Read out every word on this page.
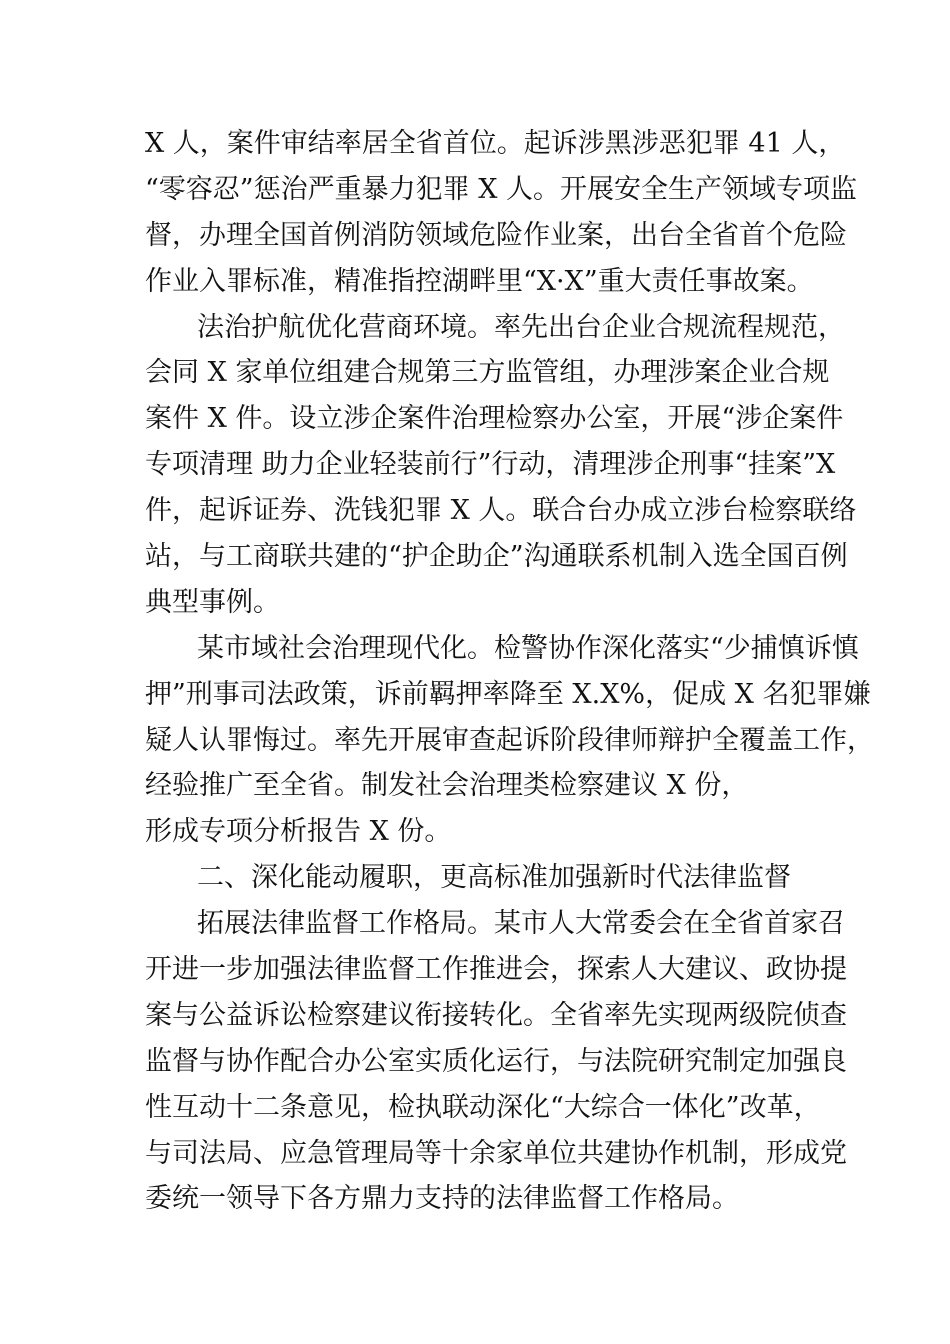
X 人，案件审结率居全省首位。起诉涉黑涉恶犯罪 41 人，
“零容忍”惩治严重暴力犯罪 X 人。开展安全生产领域专项监
督，办理全国首例消防领域危险作业案，出台全省首个危险
作业入罪标准，精准指控湖畔里“X·X”重大责任事故案。
法治护航优化营商环境。率先出台企业合规流程规范，
会同 X 家单位组建合规第三方监管组，办理涉案企业合规
案件 X 件。设立涉企案件治理检察办公室，开展“涉企案件
专项清理 助力企业轻装前行”行动，清理涉企刑事“挂案”X
件，起诉证券、洗钱犯罪 X 人。联合台办成立涉台检察联络
站，与工商联共建的“护企助企”沟通联系机制入选全国百例
典型事例。
某市域社会治理现代化。检警协作深化落实“少捕慎诉慎
押”刑事司法政策，诉前羁押率降至 X.X%，促成 X 名犯罪嫌
疑人认罪悔过。率先开展审查起诉阶段律师辩护全覆盖工作，
经验推广至全省。制发社会治理类检察建议 X 份，
形成专项分析报告 X 份。
二、深化能动履职，更高标准加强新时代法律监督
拓展法律监督工作格局。某市人大常委会在全省首家召
开进一步加强法律监督工作推进会，探索人大建议、政协提
案与公益诉讼检察建议衔接转化。全省率先实现两级院侦查
监督与协作配合办公室实质化运行，与法院研究制定加强良
性互动十二条意见，检执联动深化“大综合一体化”改革，
与司法局、应急管理局等十余家单位共建协作机制，形成党
委统一领导下各方鼎力支持的法律监督工作格局。
